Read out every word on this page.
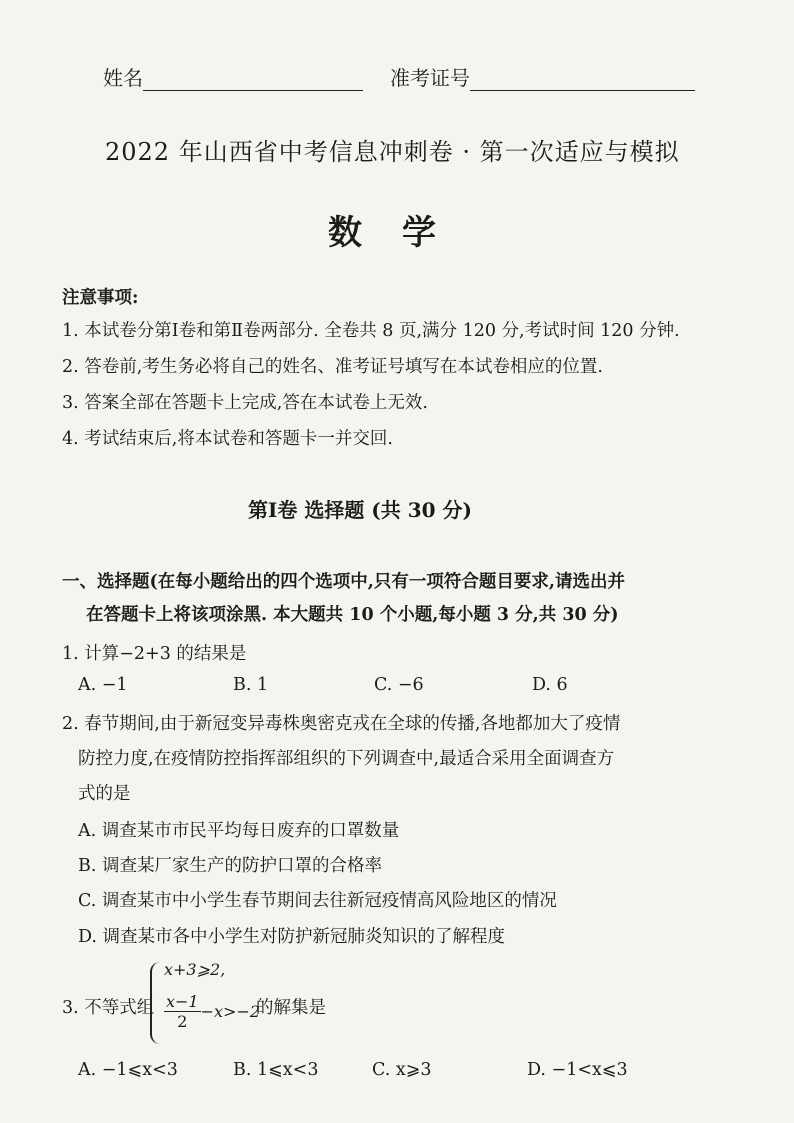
姓名	准考证号
2022 年山西省中考信息冲刺卷 · 第一次适应与模拟
数学
注意事项:
1. 本试卷分第Ⅰ卷和第Ⅱ卷两部分. 全卷共 8 页,满分 120 分,考试时间 120 分钟.
2. 答卷前,考生务必将自己的姓名、准考证号填写在本试卷相应的位置.
3. 答案全部在答题卡上完成,答在本试卷上无效.
4. 考试结束后,将本试卷和答题卡一并交回.
第Ⅰ卷 选择题 (共 30 分)
一、选择题(在每小题给出的四个选项中,只有一项符合题目要求,请选出并
在答题卡上将该项涂黑. 本大题共 10 个小题,每小题 3 分,共 30 分)
1. 计算−2+3 的结果是
A. −1	B. 1	C. −6	D. 6
2. 春节期间,由于新冠变异毒株奥密克戎在全球的传播,各地都加大了疫情
防控力度,在疫情防控指挥部组织的下列调查中,最适合采用全面调查方
式的是
A. 调查某市市民平均每日废弃的口罩数量
B. 调查某厂家生产的防护口罩的合格率
C. 调查某市中小学生春节期间去往新冠疫情高风险地区的情况
D. 调查某市各中小学生对防护新冠肺炎知识的了解程度
3. 不等式组
x+3⩾2,
$\frac{x-1}{2} -x>-2$
的解集是
A. −1⩽x<3	B. 1⩽x<3	C. x⩾3	D. −1<x⩽3
